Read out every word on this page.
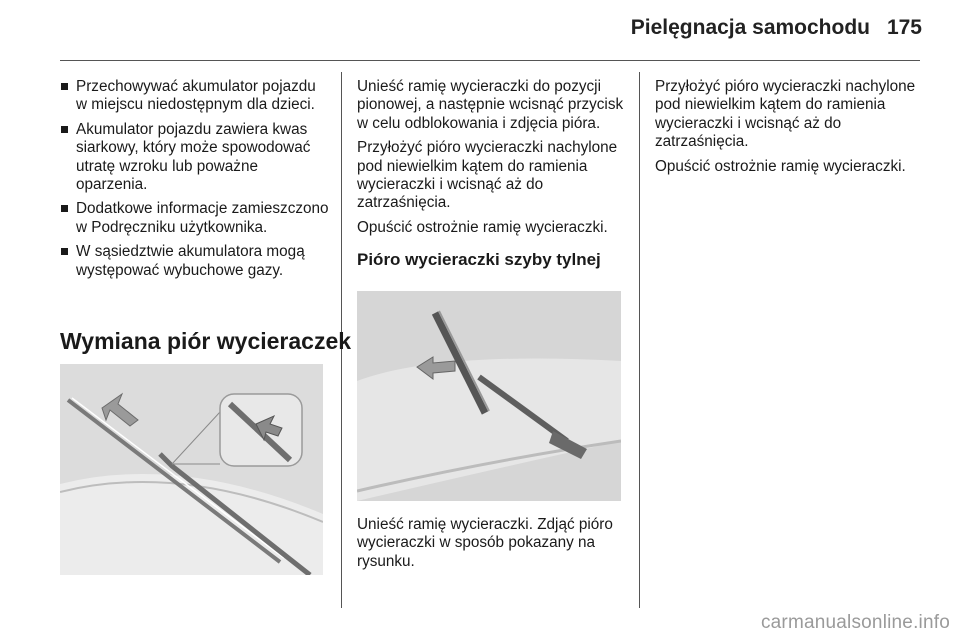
Pielęgnacja samochodu 175
Przechowywać akumulator pojazdu w miejscu niedostępnym dla dzieci.
Akumulator pojazdu zawiera kwas siarkowy, który może spowodować utratę wzroku lub poważne oparzenia.
Dodatkowe informacje zamieszczono w Podręczniku użytkownika.
W sąsiedztwie akumulatora mogą występować wybuchowe gazy.
Wymiana piór wycieraczek

Unieść ramię wycieraczki do pozycji pionowej, a następnie wcisnąć przycisk w celu odblokowania i zdjęcia pióra.

Przyłożyć pióro wycieraczki nachylone pod niewielkim kątem do ramienia wycieraczki i wcisnąć aż do zatrzaśnięcia.

Opuścić ostrożnie ramię wycieraczki.

Pióro wycieraczki szyby tylnej

Unieść ramię wycieraczki. Zdjąć pióro wycieraczki w sposób pokazany na rysunku.

Przyłożyć pióro wycieraczki nachylone pod niewielkim kątem do ramienia wycieraczki i wcisnąć aż do zatrzaśnięcia.

Opuścić ostrożnie ramię wycieraczki.

carmanualsonline.info
